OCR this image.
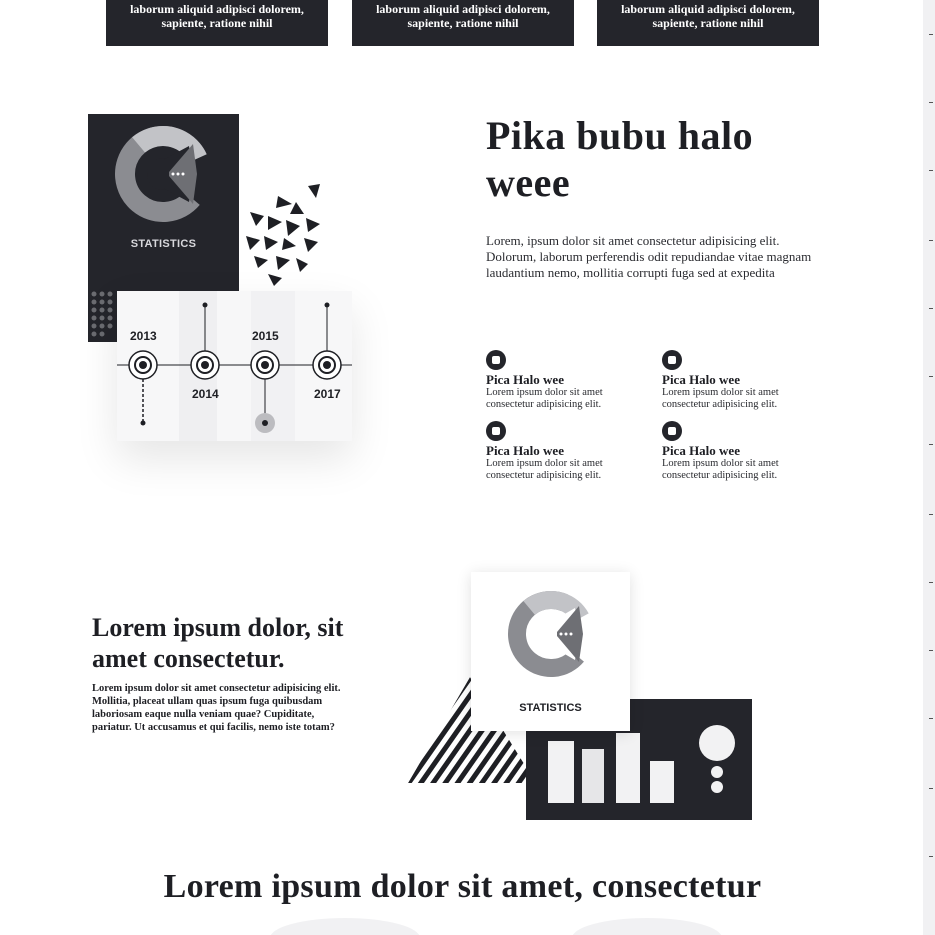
laborum aliquid adipisci dolorem,
sapiente, ratione nihil
laborum aliquid adipisci dolorem,
sapiente, ratione nihil
laborum aliquid adipisci dolorem,
sapiente, ratione nihil
STATISTICS
2013
2014
2015
2017
Pika bubu halo weee

Lorem, ipsum dolor sit amet consectetur adipisicing elit. Dolorum, laborum perferendis odit repudiandae vitae magnam laudantium nemo, mollitia corrupti fuga sed at expedita

Pica Halo wee
Lorem ipsum dolor sit amet
consectetur adipisicing elit.
Pica Halo wee
Lorem ipsum dolor sit amet
consectetur adipisicing elit.
Pica Halo wee
Lorem ipsum dolor sit amet
consectetur adipisicing elit.
Pica Halo wee
Lorem ipsum dolor sit amet
consectetur adipisicing elit.
Lorem ipsum dolor, sit
amet consectetur.

Lorem ipsum dolor sit amet consectetur adipisicing elit.
Mollitia, placeat ullam quas ipsum fuga quibusdam
laboriosam eaque nulla veniam quae? Cupiditate,
pariatur. Ut accusamus et qui facilis, nemo iste totam?

STATISTICS
Lorem ipsum dolor sit amet, consectetur
